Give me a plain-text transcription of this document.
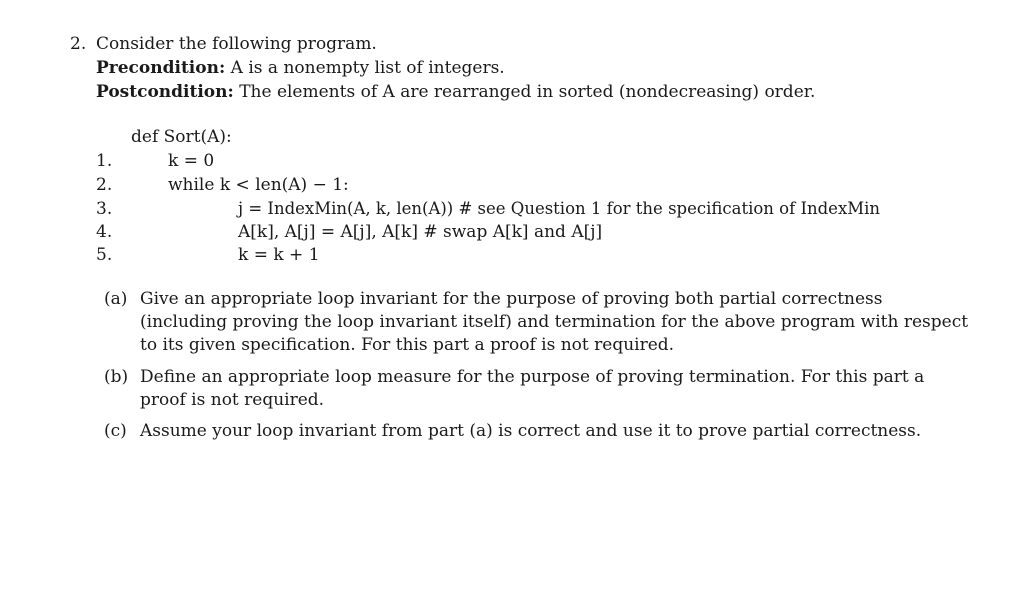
2. Consider the following program.
Precondition: A is a nonempty list of integers.
Postcondition: The elements of A are rearranged in sorted (nondecreasing) order.
def Sort(A):
1.	k = 0
2.	while k < len(A) − 1:
3.	j = IndexMin(A, k, len(A)) # see Question 1 for the specification of IndexMin
4.	A[k], A[j] = A[j], A[k] # swap A[k] and A[j]
5.	k = k + 1
(a) Give an appropriate loop invariant for the purpose of proving both partial correctness (including proving the loop invariant itself) and termination for the above program with respect to its given specification. For this part a proof is not required.
(b) Define an appropriate loop measure for the purpose of proving termination. For this part a proof is not required.
(c) Assume your loop invariant from part (a) is correct and use it to prove partial correctness.
